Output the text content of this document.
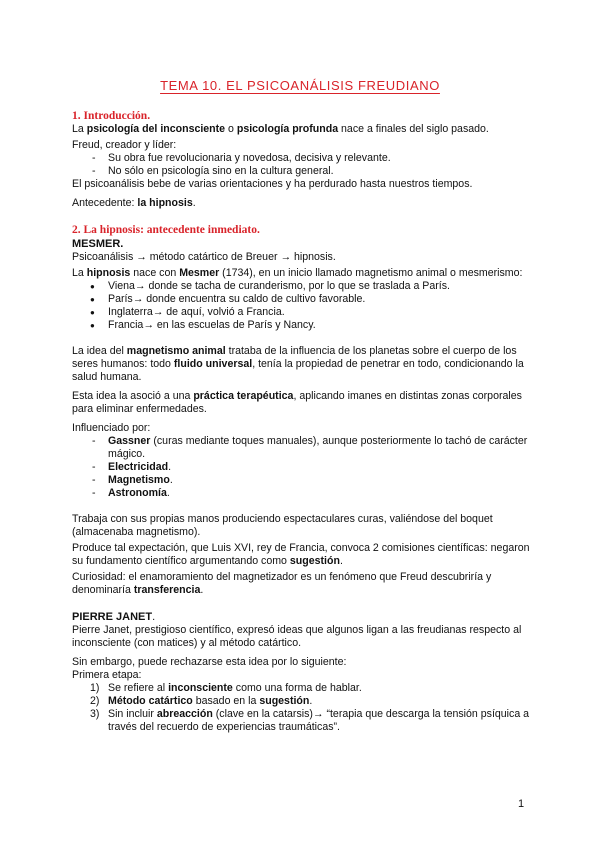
TEMA 10. EL PSICOANÁLISIS FREUDIANO
1. Introducción.

La psicología del inconsciente o psicología profunda nace a finales del siglo pasado.

Freud, creador y líder:

- Su obra fue revolucionaria y novedosa, decisiva y relevante.
- No sólo en psicología sino en la cultura general.

El psicoanálisis bebe de varias orientaciones y ha perdurado hasta nuestros tiempos.

Antecedente: la hipnosis.

2. La hipnosis: antecedente inmediato.
MESMER.

Psicoanálisis → método catártico de Breuer → hipnosis.

La hipnosis nace con Mesmer (1734), en un inicio llamado magnetismo animal o mesmerismo:

● Viena→ donde se tacha de curanderismo, por lo que se traslada a París.
● París→ donde encuentra su caldo de cultivo favorable.
● Inglaterra→ de aquí, volvió a Francia.
● Francia→ en las escuelas de París y Nancy.

La idea del magnetismo animal trataba de la influencia de los planetas sobre el cuerpo de los seres humanos: todo fluido universal, tenía la propiedad de penetrar en todo, condicionando la salud humana.

Esta idea la asoció a una práctica terapéutica, aplicando imanes en distintas zonas corporales para eliminar enfermedades.

Influenciado por:

- Gassner (curas mediante toques manuales), aunque posteriormente lo tachó de carácter mágico.
- Electricidad.
- Magnetismo.
- Astronomía.

Trabaja con sus propias manos produciendo espectaculares curas, valiéndose del boquet (almacenaba magnetismo).

Produce tal expectación, que Luis XVI, rey de Francia, convoca 2 comisiones científicas: negaron su fundamento científico argumentando como sugestión.

Curiosidad: el enamoramiento del magnetizador es un fenómeno que Freud descubriría y denominaría transferencia.

PIERRE JANET.

Pierre Janet, prestigioso científico, expresó ideas que algunos ligan a las freudianas respecto al inconsciente (con matices) y al método catártico.

Sin embargo, puede rechazarse esta idea por lo siguiente:

Primera etapa:

1) Se refiere al inconsciente como una forma de hablar.
2) Método catártico basado en la sugestión.
3) Sin incluir abreacción (clave en la catarsis)→ “terapia que descarga la tensión psíquica a través del recuerdo de experiencias traumáticas”.
1
